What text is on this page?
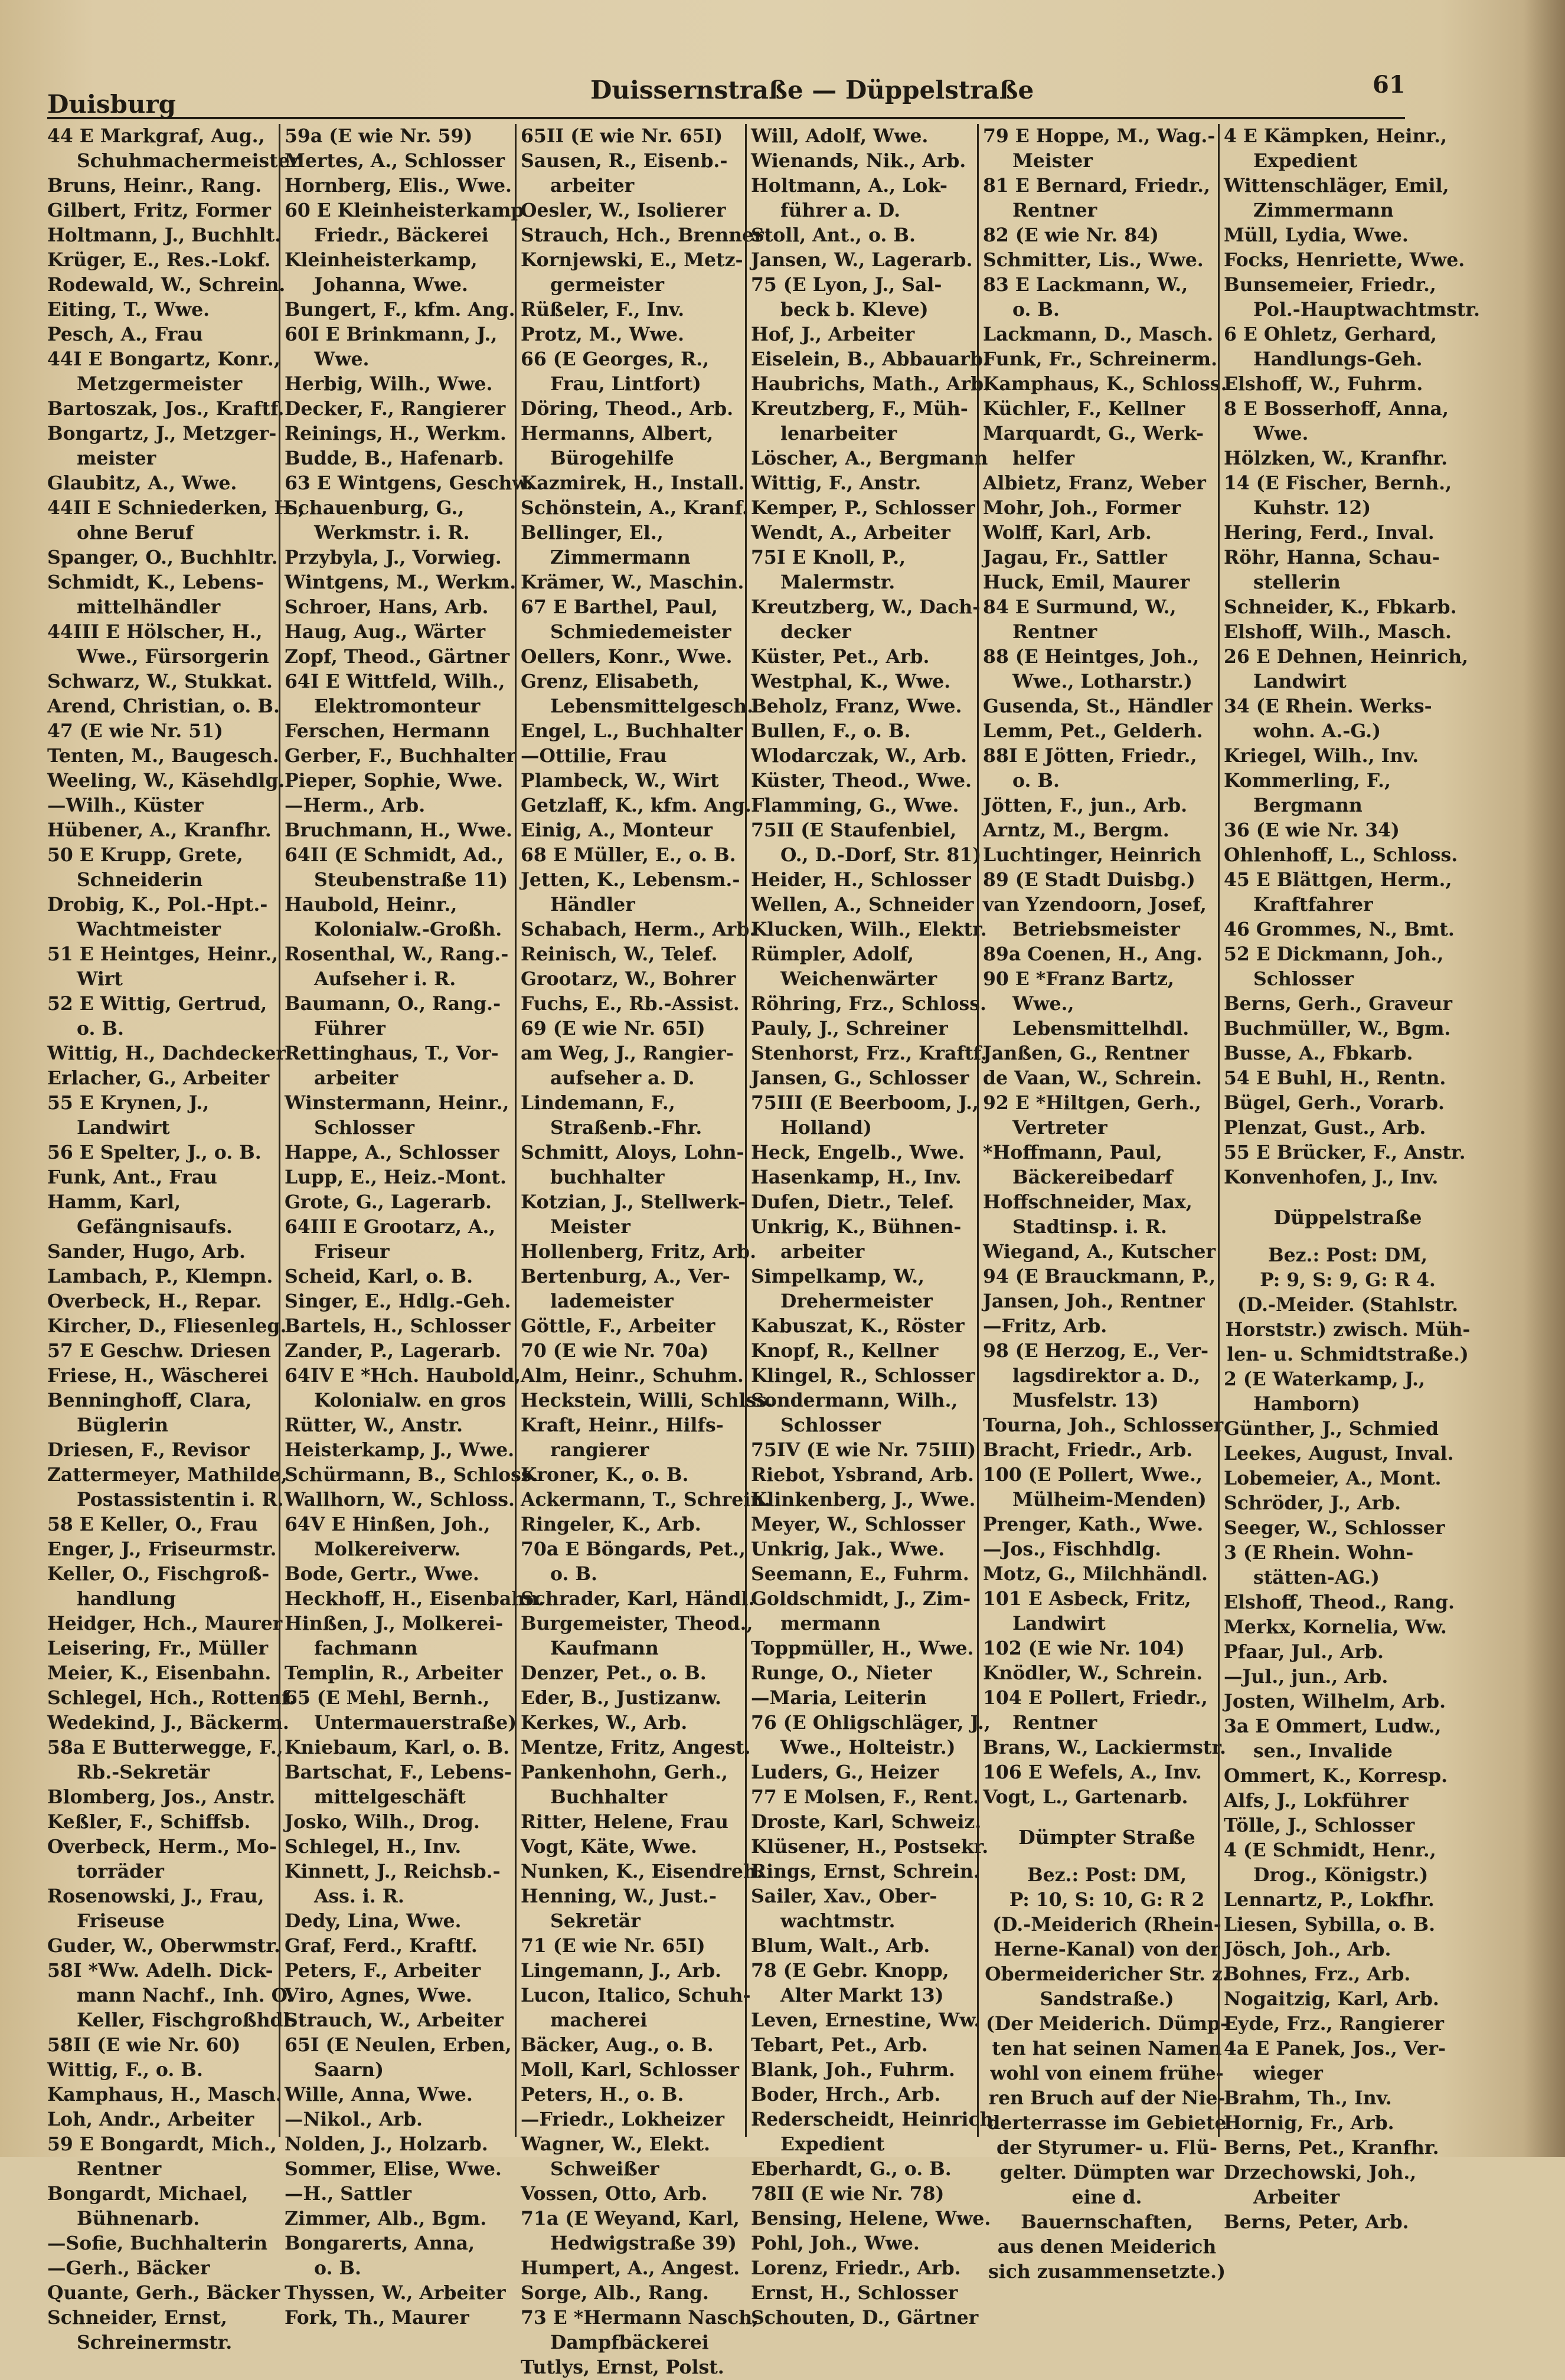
Duisburg	Duissernstraße — Düppelstraße	61
44 E Markgraf, Aug.,
Schuhmachermeister
Bruns, Heinr., Rang.
Gilbert, Fritz, Former
Holtmann, J., Buchhlt.
Krüger, E., Res.-Lokf.
Rodewald, W., Schrein.
Eiting, T., Wwe.
Pesch, A., Frau
44I E Bongartz, Konr.,
Metzgermeister
Bartoszak, Jos., Kraftf.
Bongartz, J., Metzger-
meister
Glaubitz, A., Wwe.
44II E Schniederken, H.,
ohne Beruf
Spanger, O., Buchhltr.
Schmidt, K., Lebens-
mittelhändler
44III E Hölscher, H.,
Wwe., Fürsorgerin
Schwarz, W., Stukkat.
Arend, Christian, o. B.
47 (E wie Nr. 51)
Tenten, M., Baugesch.
Weeling, W., Käsehdlg.
—Wilh., Küster
Hübener, A., Kranfhr.
50 E Krupp, Grete,
Schneiderin
Drobig, K., Pol.-Hpt.-
Wachtmeister
51 E Heintges, Heinr.,
Wirt
52 E Wittig, Gertrud,
o. B.
Wittig, H., Dachdecker
Erlacher, G., Arbeiter
55 E Krynen, J.,
Landwirt
56 E Spelter, J., o. B.
Funk, Ant., Frau
Hamm, Karl,
Gefängnisaufs.
Sander, Hugo, Arb.
Lambach, P., Klempn.
Overbeck, H., Repar.
Kircher, D., Fliesenleg.
57 E Geschw. Driesen
Friese, H., Wäscherei
Benninghoff, Clara,
Büglerin
Driesen, F., Revisor
Zattermeyer, Mathilde,
Postassistentin i. R.
58 E Keller, O., Frau
Enger, J., Friseurmstr.
Keller, O., Fischgroß-
handlung
Heidger, Hch., Maurer
Leisering, Fr., Müller
Meier, K., Eisenbahn.
Schlegel, Hch., Rottenf.
Wedekind, J., Bäckerm.
58a E Butterwegge, F.,
Rb.-Sekretär
Blomberg, Jos., Anstr.
Keßler, F., Schiffsb.
Overbeck, Herm., Mo-
torräder
Rosenowski, J., Frau,
Friseuse
Guder, W., Oberwmstr.
58I *Ww. Adelh. Dick-
mann Nachf., Inh. O.
Keller, Fischgroßhdl.
58II (E wie Nr. 60)
Wittig, F., o. B.
Kamphaus, H., Masch.
Loh, Andr., Arbeiter
59 E Bongardt, Mich.,
Rentner
Bongardt, Michael,
Bühnenarb.
—Sofie, Buchhalterin
—Gerh., Bäcker
Quante, Gerh., Bäcker
Schneider, Ernst,
Schreinermstr.
59a (E wie Nr. 59)
Mertes, A., Schlosser
Hornberg, Elis., Wwe.
60 E Kleinheisterkamp
Friedr., Bäckerei
Kleinheisterkamp,
Johanna, Wwe.
Bungert, F., kfm. Ang.
60I E Brinkmann, J.,
Wwe.
Herbig, Wilh., Wwe.
Decker, F., Rangierer
Reinings, H., Werkm.
Budde, B., Hafenarb.
63 E Wintgens, Geschw.
Schauenburg, G.,
Werkmstr. i. R.
Przybyla, J., Vorwieg.
Wintgens, M., Werkm.
Schroer, Hans, Arb.
Haug, Aug., Wärter
Zopf, Theod., Gärtner
64I E Wittfeld, Wilh.,
Elektromonteur
Ferschen, Hermann
Gerber, F., Buchhalter
Pieper, Sophie, Wwe.
—Herm., Arb.
Bruchmann, H., Wwe.
64II (E Schmidt, Ad.,
Steubenstraße 11)
Haubold, Heinr.,
Kolonialw.-Großh.
Rosenthal, W., Rang.-
Aufseher i. R.
Baumann, O., Rang.-
Führer
Rettinghaus, T., Vor-
arbeiter
Winstermann, Heinr.,
Schlosser
Happe, A., Schlosser
Lupp, E., Heiz.-Mont.
Grote, G., Lagerarb.
64III E Grootarz, A.,
Friseur
Scheid, Karl, o. B.
Singer, E., Hdlg.-Geh.
Bartels, H., Schlosser
Zander, P., Lagerarb.
64IV E *Hch. Haubold,
Kolonialw. en gros
Rütter, W., Anstr.
Heisterkamp, J., Wwe.
Schürmann, B., Schloss.
Wallhorn, W., Schloss.
64V E Hinßen, Joh.,
Molkereiverw.
Bode, Gertr., Wwe.
Heckhoff, H., Eisenbahn.
Hinßen, J., Molkerei-
fachmann
Templin, R., Arbeiter
65 (E Mehl, Bernh.,
Untermauerstraße)
Kniebaum, Karl, o. B.
Bartschat, F., Lebens-
mittelgeschäft
Josko, Wilh., Drog.
Schlegel, H., Inv.
Kinnett, J., Reichsb.-
Ass. i. R.
Dedy, Lina, Wwe.
Graf, Ferd., Kraftf.
Peters, F., Arbeiter
Viro, Agnes, Wwe.
Strauch, W., Arbeiter
65I (E Neulen, Erben,
Saarn)
Wille, Anna, Wwe.
—Nikol., Arb.
Nolden, J., Holzarb.
Sommer, Elise, Wwe.
—H., Sattler
Zimmer, Alb., Bgm.
Bongarerts, Anna,
o. B.
Thyssen, W., Arbeiter
Fork, Th., Maurer
65II (E wie Nr. 65I)
Sausen, R., Eisenb.-
arbeiter
Oesler, W., Isolierer
Strauch, Hch., Brenner
Kornjewski, E., Metz-
germeister
Rüßeler, F., Inv.
Protz, M., Wwe.
66 (E Georges, R.,
Frau, Lintfort)
Döring, Theod., Arb.
Hermanns, Albert,
Bürogehilfe
Kazmirek, H., Install.
Schönstein, A., Kranf.
Bellinger, El.,
Zimmermann
Krämer, W., Maschin.
67 E Barthel, Paul,
Schmiedemeister
Oellers, Konr., Wwe.
Grenz, Elisabeth,
Lebensmittelgesch.
Engel, L., Buchhalter
—Ottilie, Frau
Plambeck, W., Wirt
Getzlaff, K., kfm. Ang.
Einig, A., Monteur
68 E Müller, E., o. B.
Jetten, K., Lebensm.-
Händler
Schabach, Herm., Arb.
Reinisch, W., Telef.
Grootarz, W., Bohrer
Fuchs, E., Rb.-Assist.
69 (E wie Nr. 65I)
am Weg, J., Rangier-
aufseher a. D.
Lindemann, F.,
Straßenb.-Fhr.
Schmitt, Aloys, Lohn-
buchhalter
Kotzian, J., Stellwerk-
Meister
Hollenberg, Fritz, Arb.
Bertenburg, A., Ver-
lademeister
Göttle, F., Arbeiter
70 (E wie Nr. 70a)
Alm, Heinr., Schuhm.
Heckstein, Willi, Schlss.
Kraft, Heinr., Hilfs-
rangierer
Kroner, K., o. B.
Ackermann, T., Schrein.
Ringeler, K., Arb.
70a E Böngards, Pet.,
o. B.
Schrader, Karl, Händl.
Burgemeister, Theod.,
Kaufmann
Denzer, Pet., o. B.
Eder, B., Justizanw.
Kerkes, W., Arb.
Mentze, Fritz, Angest.
Pankenhohn, Gerh.,
Buchhalter
Ritter, Helene, Frau
Vogt, Käte, Wwe.
Nunken, K., Eisendreh.
Henning, W., Just.-
Sekretär
71 (E wie Nr. 65I)
Lingemann, J., Arb.
Lucon, Italico, Schuh-
macherei
Bäcker, Aug., o. B.
Moll, Karl, Schlosser
Peters, H., o. B.
—Friedr., Lokheizer
Wagner, W., Elekt.
Schweißer
Vossen, Otto, Arb.
71a (E Weyand, Karl,
Hedwigstraße 39)
Humpert, A., Angest.
Sorge, Alb., Rang.
73 E *Hermann Nasch,
Dampfbäckerei
Tutlys, Ernst, Polst.
Will, Adolf, Wwe.
Wienands, Nik., Arb.
Holtmann, A., Lok-
führer a. D.
Stoll, Ant., o. B.
Jansen, W., Lagerarb.
75 (E Lyon, J., Sal-
beck b. Kleve)
Hof, J., Arbeiter
Eiselein, B., Abbauarb.
Haubrichs, Math., Arb.
Kreutzberg, F., Müh-
lenarbeiter
Löscher, A., Bergmann
Wittig, F., Anstr.
Kemper, P., Schlosser
Wendt, A., Arbeiter
75I E Knoll, P.,
Malermstr.
Kreutzberg, W., Dach-
decker
Küster, Pet., Arb.
Westphal, K., Wwe.
Beholz, Franz, Wwe.
Bullen, F., o. B.
Wlodarczak, W., Arb.
Küster, Theod., Wwe.
Flamming, G., Wwe.
75II (E Staufenbiel,
O., D.-Dorf, Str. 81)
Heider, H., Schlosser
Wellen, A., Schneider
Klucken, Wilh., Elektr.
Rümpler, Adolf,
Weichenwärter
Röhring, Frz., Schloss.
Pauly, J., Schreiner
Stenhorst, Frz., Kraftf.
Jansen, G., Schlosser
75III (E Beerboom, J.,
Holland)
Heck, Engelb., Wwe.
Hasenkamp, H., Inv.
Dufen, Dietr., Telef.
Unkrig, K., Bühnen-
arbeiter
Simpelkamp, W.,
Drehermeister
Kabuszat, K., Röster
Knopf, R., Kellner
Klingel, R., Schlosser
Sondermann, Wilh.,
Schlosser
75IV (E wie Nr. 75III)
Riebot, Ysbrand, Arb.
Klinkenberg, J., Wwe.
Meyer, W., Schlosser
Unkrig, Jak., Wwe.
Seemann, E., Fuhrm.
Goldschmidt, J., Zim-
mermann
Toppmüller, H., Wwe.
Runge, O., Nieter
—Maria, Leiterin
76 (E Ohligschläger, J.,
Wwe., Holteistr.)
Luders, G., Heizer
77 E Molsen, F., Rent.
Droste, Karl, Schweiz.
Klüsener, H., Postsekr.
Rings, Ernst, Schrein.
Sailer, Xav., Ober-
wachtmstr.
Blum, Walt., Arb.
78 (E Gebr. Knopp,
Alter Markt 13)
Leven, Ernestine, Ww.
Tebart, Pet., Arb.
Blank, Joh., Fuhrm.
Boder, Hrch., Arb.
Rederscheidt, Heinrich,
Expedient
Eberhardt, G., o. B.
78II (E wie Nr. 78)
Bensing, Helene, Wwe.
Pohl, Joh., Wwe.
Lorenz, Friedr., Arb.
Ernst, H., Schlosser
Schouten, D., Gärtner
79 E Hoppe, M., Wag.-
Meister
81 E Bernard, Friedr.,
Rentner
82 (E wie Nr. 84)
Schmitter, Lis., Wwe.
83 E Lackmann, W.,
o. B.
Lackmann, D., Masch.
Funk, Fr., Schreinerm.
Kamphaus, K., Schloss.
Küchler, F., Kellner
Marquardt, G., Werk-
helfer
Albietz, Franz, Weber
Mohr, Joh., Former
Wolff, Karl, Arb.
Jagau, Fr., Sattler
Huck, Emil, Maurer
84 E Surmund, W.,
Rentner
88 (E Heintges, Joh.,
Wwe., Lotharstr.)
Gusenda, St., Händler
Lemm, Pet., Gelderh.
88I E Jötten, Friedr.,
o. B.
Jötten, F., jun., Arb.
Arntz, M., Bergm.
Luchtinger, Heinrich
89 (E Stadt Duisbg.)
van Yzendoorn, Josef,
Betriebsmeister
89a Coenen, H., Ang.
90 E *Franz Bartz,
Wwe.,
Lebensmittelhdl.
Janßen, G., Rentner
de Vaan, W., Schrein.
92 E *Hiltgen, Gerh.,
Vertreter
*Hoffmann, Paul,
Bäckereibedarf
Hoffschneider, Max,
Stadtinsp. i. R.
Wiegand, A., Kutscher
94 (E Brauckmann, P.,
Jansen, Joh., Rentner
—Fritz, Arb.
98 (E Herzog, E., Ver-
lagsdirektor a. D.,
Musfelstr. 13)
Tourna, Joh., Schlosser
Bracht, Friedr., Arb.
100 (E Pollert, Wwe.,
Mülheim-Menden)
Prenger, Kath., Wwe.
—Jos., Fischhdlg.
Motz, G., Milchhändl.
101 E Asbeck, Fritz,
Landwirt
102 (E wie Nr. 104)
Knödler, W., Schrein.
104 E Pollert, Friedr.,
Rentner
Brans, W., Lackiermstr.
106 E Wefels, A., Inv.
Vogt, L., Gartenarb.
Dümpter Straße
Bez.: Post: DM,
P: 10, S: 10, G: R 2
(D.-Meiderich (Rhein-
Herne-Kanal) von der
Obermeidericher Str. z.
Sandstraße.)
(Der Meiderich. Dümp-
ten hat seinen Namen
wohl von einem frühe-
ren Bruch auf der Nie-
derterrasse im Gebiete
der Styrumer- u. Flü-
gelter. Dümpten war
eine d. Bauernschaften,
aus denen Meiderich
sich zusammensetzte.)
4 E Kämpken, Heinr.,
Expedient
Wittenschläger, Emil,
Zimmermann
Müll, Lydia, Wwe.
Focks, Henriette, Wwe.
Bunsemeier, Friedr.,
Pol.-Hauptwachtmstr.
6 E Ohletz, Gerhard,
Handlungs-Geh.
Elshoff, W., Fuhrm.
8 E Bosserhoff, Anna,
Wwe.
Hölzken, W., Kranfhr.
14 (E Fischer, Bernh.,
Kuhstr. 12)
Hering, Ferd., Inval.
Röhr, Hanna, Schau-
stellerin
Schneider, K., Fbkarb.
Elshoff, Wilh., Masch.
26 E Dehnen, Heinrich,
Landwirt
34 (E Rhein. Werks-
wohn. A.-G.)
Kriegel, Wilh., Inv.
Kommerling, F.,
Bergmann
36 (E wie Nr. 34)
Ohlenhoff, L., Schloss.
45 E Blättgen, Herm.,
Kraftfahrer
46 Grommes, N., Bmt.
52 E Dickmann, Joh.,
Schlosser
Berns, Gerh., Graveur
Buchmüller, W., Bgm.
Busse, A., Fbkarb.
54 E Buhl, H., Rentn.
Bügel, Gerh., Vorarb.
Plenzat, Gust., Arb.
55 E Brücker, F., Anstr.
Konvenhofen, J., Inv.
Düppelstraße
Bez.: Post: DM,
P: 9, S: 9, G: R 4.
(D.-Meider. (Stahlstr.
Horststr.) zwisch. Müh-
len- u. Schmidtstraße.)
2 (E Waterkamp, J.,
Hamborn)
Günther, J., Schmied
Leekes, August, Inval.
Lobemeier, A., Mont.
Schröder, J., Arb.
Seeger, W., Schlosser
3 (E Rhein. Wohn-
stätten-AG.)
Elshoff, Theod., Rang.
Merkx, Kornelia, Ww.
Pfaar, Jul., Arb.
—Jul., jun., Arb.
Josten, Wilhelm, Arb.
3a E Ommert, Ludw.,
sen., Invalide
Ommert, K., Korresp.
Alfs, J., Lokführer
Tölle, J., Schlosser
4 (E Schmidt, Henr.,
Drog., Königstr.)
Lennartz, P., Lokfhr.
Liesen, Sybilla, o. B.
Jösch, Joh., Arb.
Bohnes, Frz., Arb.
Nogaitzig, Karl, Arb.
Eyde, Frz., Rangierer
4a E Panek, Jos., Ver-
wieger
Brahm, Th., Inv.
Hornig, Fr., Arb.
Berns, Pet., Kranfhr.
Drzechowski, Joh.,
Arbeiter
Berns, Peter, Arb.
